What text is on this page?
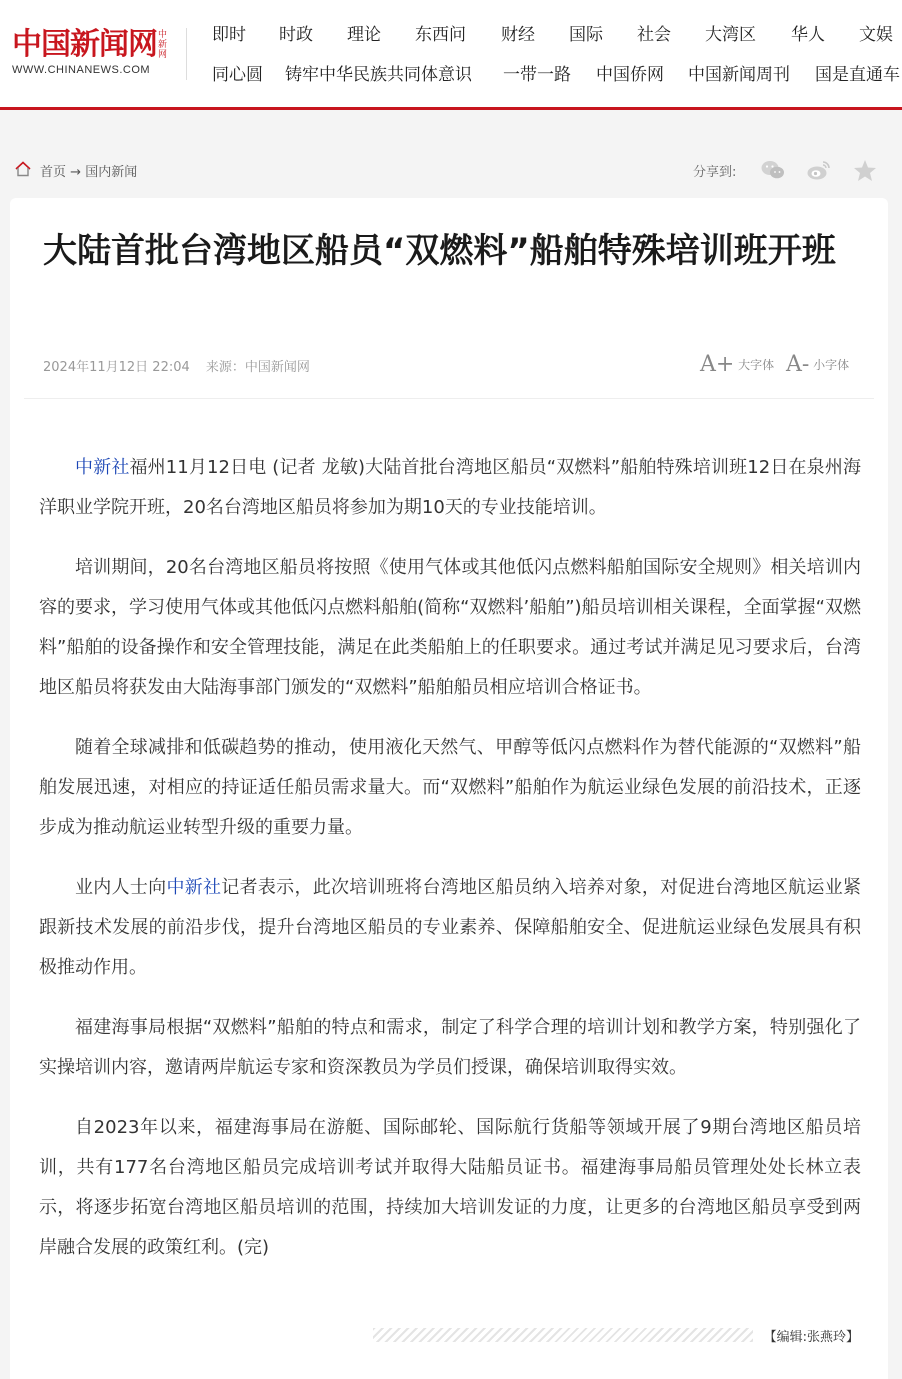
中国新闻网 中新网
WWW.CHINANEWS.COM
即时 时政 理论 东西问 财经 国际 社会 大湾区 华人 文娱
同心圆 铸牢中华民族共同体意识 一带一路 中国侨网 中国新闻周刊 国是直通车
首页 → 国内新闻	分享到:
大陆首批台湾地区船员“双燃料”船舶特殊培训班开班
2024年11月12日 22:04 来源：中国新闻网	A+ 大字体 A- 小字体

中新社福州11月12日电 (记者 龙敏)大陆首批台湾地区船员“双燃料”船舶特殊培训班12日在泉州海洋职业学院开班，20名台湾地区船员将参加为期10天的专业技能培训。

培训期间，20名台湾地区船员将按照《使用气体或其他低闪点燃料船舶国际安全规则》相关培训内容的要求，学习使用气体或其他低闪点燃料船舶(简称“双燃料’船舶”)船员培训相关课程，全面掌握“双燃料”船舶的设备操作和安全管理技能，满足在此类船舶上的任职要求。通过考试并满足见习要求后，台湾地区船员将获发由大陆海事部门颁发的“双燃料”船舶船员相应培训合格证书。

随着全球减排和低碳趋势的推动，使用液化天然气、甲醇等低闪点燃料作为替代能源的“双燃料”船舶发展迅速，对相应的持证适任船员需求量大。而“双燃料”船舶作为航运业绿色发展的前沿技术，正逐步成为推动航运业转型升级的重要力量。

业内人士向中新社记者表示，此次培训班将台湾地区船员纳入培养对象，对促进台湾地区航运业紧跟新技术发展的前沿步伐，提升台湾地区船员的专业素养、保障船舶安全、促进航运业绿色发展具有积极推动作用。

福建海事局根据“双燃料”船舶的特点和需求，制定了科学合理的培训计划和教学方案，特别强化了实操培训内容，邀请两岸航运专家和资深教员为学员们授课，确保培训取得实效。

自2023年以来，福建海事局在游艇、国际邮轮、国际航行货船等领域开展了9期台湾地区船员培训，共有177名台湾地区船员完成培训考试并取得大陆船员证书。福建海事局船员管理处处长林立表示，将逐步拓宽台湾地区船员培训的范围，持续加大培训发证的力度，让更多的台湾地区船员享受到两岸融合发展的政策红利。(完)

【编辑:张燕玲】
